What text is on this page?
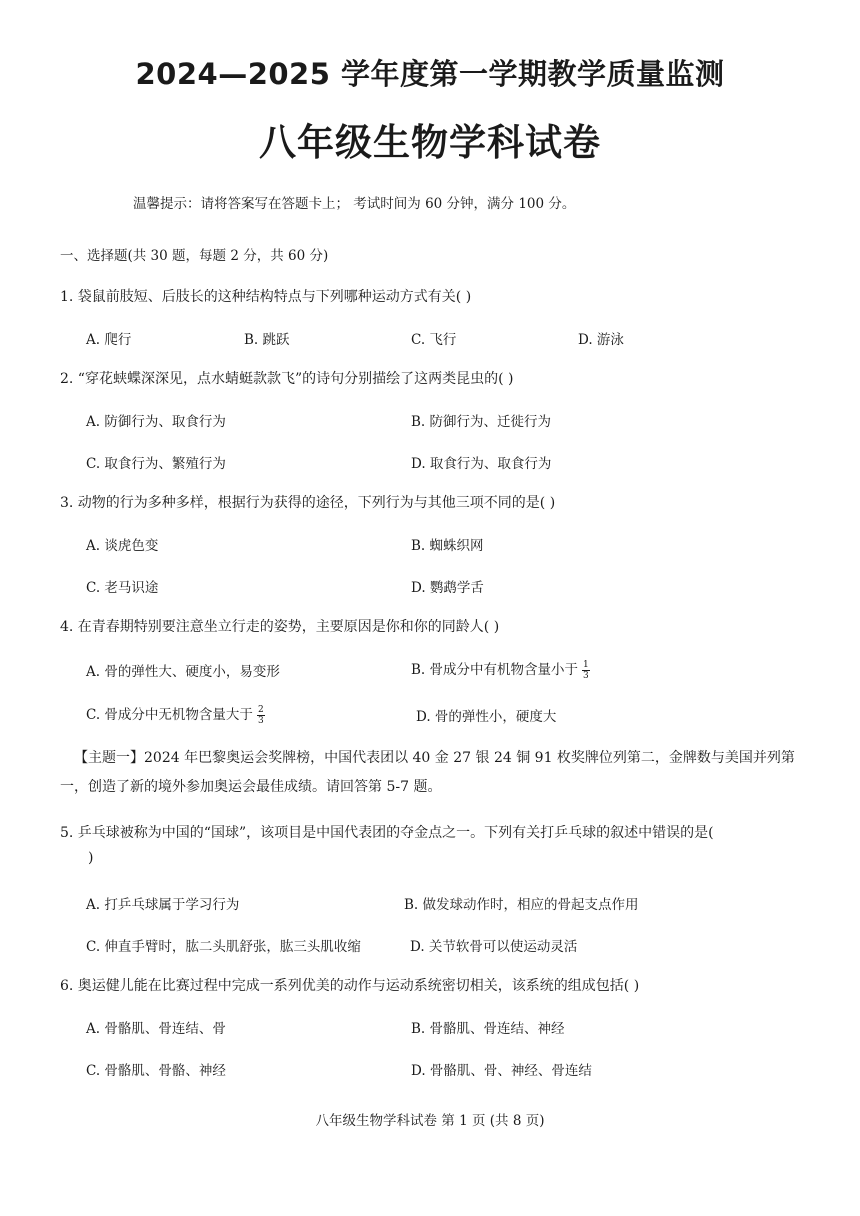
2024—2025 学年度第一学期教学质量监测
八年级生物学科试卷
温馨提示：请将答案写在答题卡上； 考试时间为 60 分钟，满分 100 分。
一、选择题(共 30 题，每题 2 分，共 60 分)
1. 袋鼠前肢短、后肢长的这种结构特点与下列哪种运动方式有关( )
A. 爬行	B. 跳跃	C. 飞行	D. 游泳
2. “穿花蛱蝶深深见，点水蜻蜓款款飞”的诗句分别描绘了这两类昆虫的( )
A. 防御行为、取食行为	B. 防御行为、迁徙行为
C. 取食行为、繁殖行为	D. 取食行为、取食行为
3. 动物的行为多种多样，根据行为获得的途径，下列行为与其他三项不同的是( )
A. 谈虎色变	B. 蜘蛛织网
C. 老马识途	D. 鹦鹉学舌
4. 在青春期特别要注意坐立行走的姿势，主要原因是你和你的同龄人( )
A. 骨的弹性大、硬度小，易变形	B. 骨成分中有机物含量小于 $\frac{1}{3}$
C. 骨成分中无机物含量大于 $\frac{2}{3}$	D. 骨的弹性小，硬度大
【主题一】2024 年巴黎奥运会奖牌榜，中国代表团以 40 金 27 银 24 铜 91 枚奖牌位列第二，金牌数与美国并列第一，创造了新的境外参加奥运会最佳成绩。请回答第 5-7 题。
5. 乒乓球被称为中国的“国球”，该项目是中国代表团的夺金点之一。下列有关打乒乓球的叙述中错误的是(
)
A. 打乒乓球属于学习行为	B. 做发球动作时，相应的骨起支点作用
C. 伸直手臂时，肱二头肌舒张，肱三头肌收缩	D. 关节软骨可以使运动灵活
6. 奥运健儿能在比赛过程中完成一系列优美的动作与运动系统密切相关，该系统的组成包括( )
A. 骨骼肌、骨连结、骨	B. 骨骼肌、骨连结、神经
C. 骨骼肌、骨骼、神经	D. 骨骼肌、骨、神经、骨连结
八年级生物学科试卷 第 1 页 (共 8 页)
